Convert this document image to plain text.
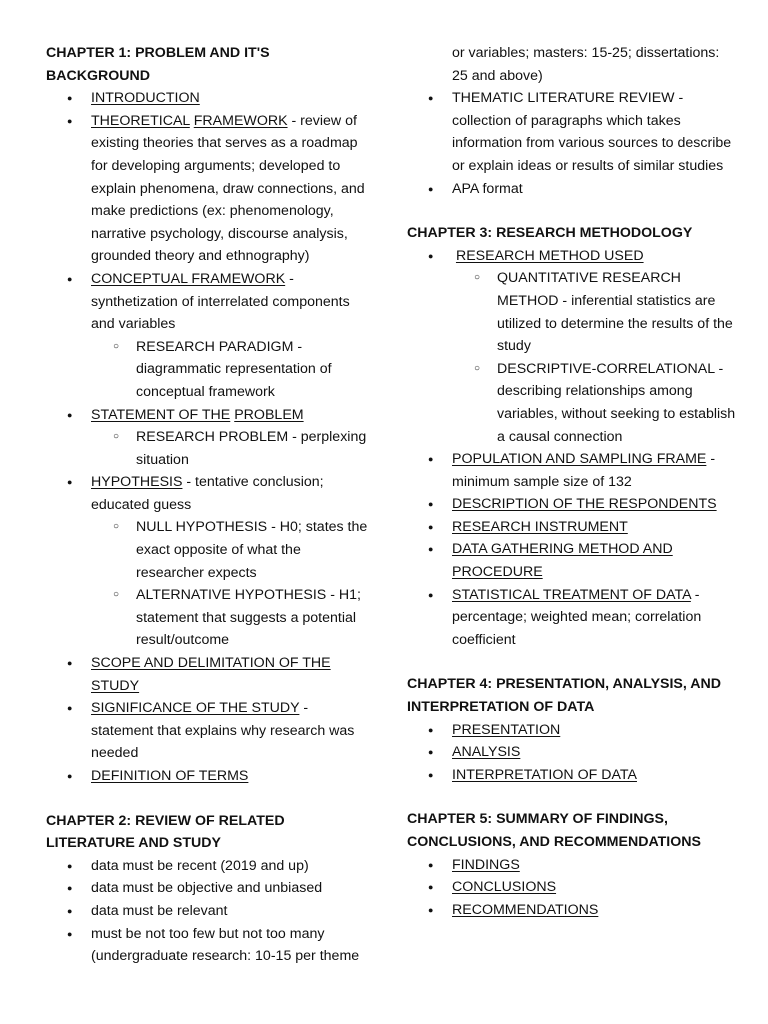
CHAPTER 1: PROBLEM AND IT'S BACKGROUND

● INTRODUCTION
● THEORETICAL FRAMEWORK - review of existing theories that serves as a roadmap for developing arguments; developed to explain phenomena, draw connections, and make predictions (ex: phenomenology, narrative psychology, discourse analysis, grounded theory and ethnography)
● CONCEPTUAL FRAMEWORK - synthetization of interrelated components and variables
○ RESEARCH PARADIGM - diagrammatic representation of conceptual framework
● STATEMENT OF THE PROBLEM
○ RESEARCH PROBLEM - perplexing situation
● HYPOTHESIS - tentative conclusion; educated guess
○ NULL HYPOTHESIS - H0; states the exact opposite of what the researcher expects
○ ALTERNATIVE HYPOTHESIS - H1; statement that suggests a potential result/outcome
● SCOPE AND DELIMITATION OF THE STUDY
● SIGNIFICANCE OF THE STUDY - statement that explains why research was needed
● DEFINITION OF TERMS

CHAPTER 2: REVIEW OF RELATED LITERATURE AND STUDY

● data must be recent (2019 and up)
● data must be objective and unbiased
● data must be relevant
● must be not too few but not too many (undergraduate research: 10-15 per theme
or variables; masters: 15-25; dissertations: 25 and above)
● THEMATIC LITERATURE REVIEW - collection of paragraphs which takes information from various sources to describe or explain ideas or results of similar studies
● APA format

CHAPTER 3: RESEARCH METHODOLOGY

● RESEARCH METHOD USED
○ QUANTITATIVE RESEARCH METHOD - inferential statistics are utilized to determine the results of the study
○ DESCRIPTIVE-CORRELATIONAL - describing relationships among variables, without seeking to establish a causal connection
● POPULATION AND SAMPLING FRAME - minimum sample size of 132
● DESCRIPTION OF THE RESPONDENTS
● RESEARCH INSTRUMENT
● DATA GATHERING METHOD AND PROCEDURE
● STATISTICAL TREATMENT OF DATA - percentage; weighted mean; correlation coefficient

CHAPTER 4: PRESENTATION, ANALYSIS, AND INTERPRETATION OF DATA

● PRESENTATION
● ANALYSIS
● INTERPRETATION OF DATA

CHAPTER 5: SUMMARY OF FINDINGS, CONCLUSIONS, AND RECOMMENDATIONS

● FINDINGS
● CONCLUSIONS
● RECOMMENDATIONS
